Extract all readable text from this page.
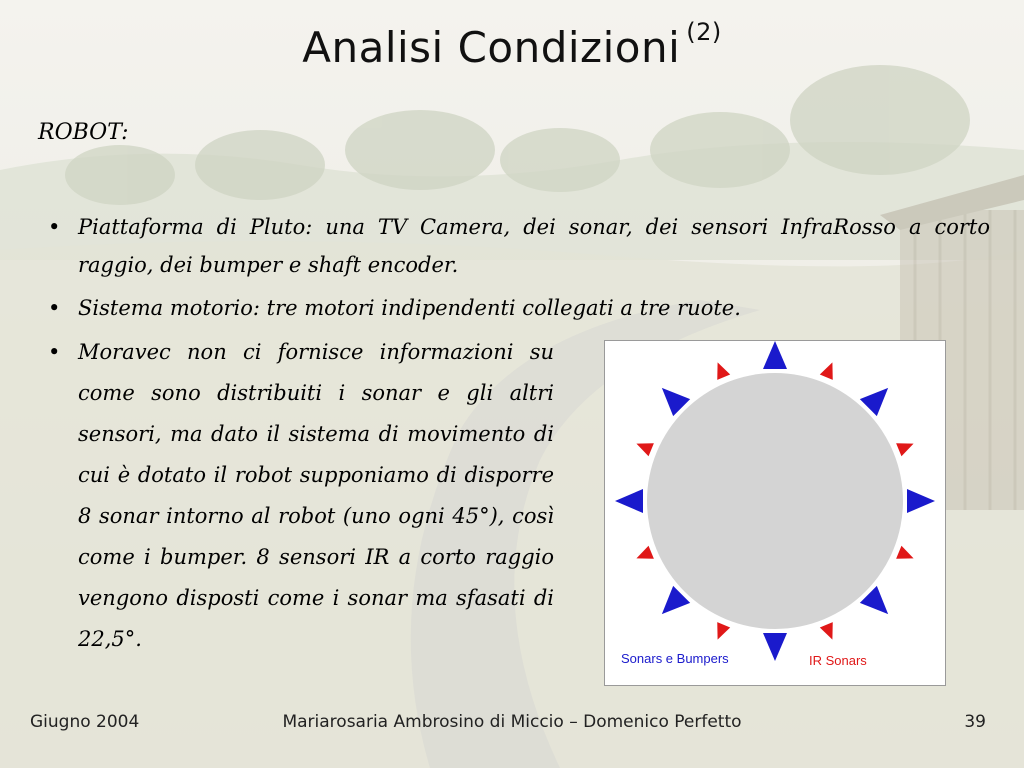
Analisi Condizioni $^{(2)}$
ROBOT:
• Piattaforma di Pluto: una TV Camera, dei sonar, dei sensori InfraRosso a corto raggio, dei bumper e shaft encoder.
• Sistema motorio: tre motori indipendenti collegati a tre ruote.
• Moravec non ci fornisce informazioni su come sono distribuiti i sonar e gli altri sensori, ma dato il sistema di movimento di cui è dotato il robot supponiamo di disporre 8 sonar intorno al robot (uno ogni 45°), così come i bumper. 8 sensori IR a corto raggio vengono disposti come i sonar ma sfasati di 22,5°.
Sonars e Bumpers	IR Sonars
Giugno 2004	Mariarosaria Ambrosino di Miccio – Domenico Perfetto	39
